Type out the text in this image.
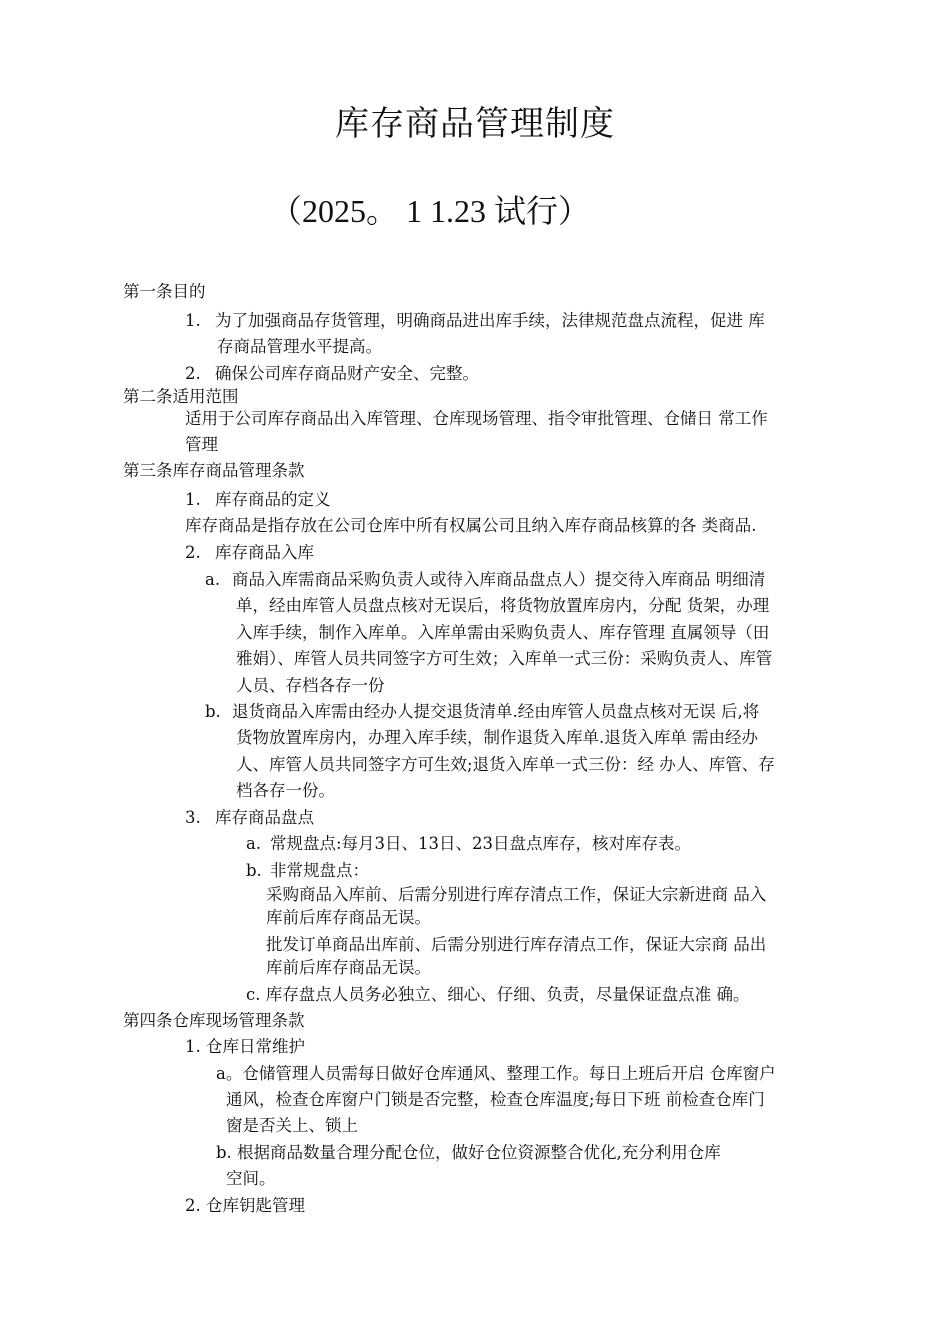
库存商品管理制度
（2025。 1 1.23 试行）
第一条目的
1. 为了加强商品存货管理，明确商品进出库手续，法律规范盘点流程，促进 库
存商品管理水平提高。
2. 确保公司库存商品财产安全、完整。
第二条适用范围
适用于公司库存商品出入库管理、仓库现场管理、指令审批管理、仓储日 常工作
管理
第三条库存商品管理条款
1. 库存商品的定义
库存商品是指存放在公司仓库中所有权属公司且纳入库存商品核算的各 类商品.
2. 库存商品入库
a. 商品入库需商品采购负责人或待入库商品盘点人）提交待入库商品 明细清
单，经由库管人员盘点核对无误后，将货物放置库房内，分配 货架，办理
入库手续，制作入库单。入库单需由采购负责人、库存管理 直属领导（田
雅娟）、库管人员共同签字方可生效；入库单一式三份：采购负责人、库管
人员、存档各存一份
b. 退货商品入库需由经办人提交退货清单.经由库管人员盘点核对无误 后,将
货物放置库房内，办理入库手续，制作退货入库单.退货入库单 需由经办
人、库管人员共同签字方可生效;退货入库单一式三份：经 办人、库管、存
档各存一份。
3. 库存商品盘点
a. 常规盘点:每月3日、13日、23日盘点库存，核对库存表。
b. 非常规盘点：
采购商品入库前、后需分别进行库存清点工作，保证大宗新进商 品入
库前后库存商品无误。
批发订单商品出库前、后需分别进行库存清点工作，保证大宗商 品出
库前后库存商品无误。
c. 库存盘点人员务必独立、细心、仔细、负责，尽量保证盘点准 确。
第四条仓库现场管理条款
1. 仓库日常维护
a。仓储管理人员需每日做好仓库通风、整理工作。每日上班后开启 仓库窗户
通风，检查仓库窗户门锁是否完整，检查仓库温度;每日下班 前检查仓库门
窗是否关上、锁上
b. 根据商品数量合理分配仓位，做好仓位资源整合优化,充分利用仓库
空间。
2. 仓库钥匙管理
